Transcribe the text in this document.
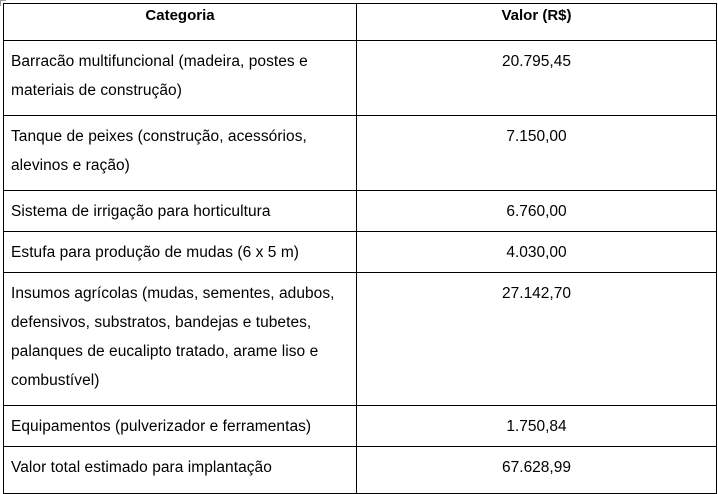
Categoria	Valor (R$)
Barracão multifuncional (madeira, postes e materiais de construção)	20.795,45
Tanque de peixes (construção, acessórios, alevinos e ração)	7.150,00
Sistema de irrigação para horticultura	6.760,00
Estufa para produção de mudas (6 x 5 m)	4.030,00
Insumos agrícolas (mudas, sementes, adubos, defensivos, substratos, bandejas e tubetes, palanques de eucalipto tratado, arame liso e combustível)	27.142,70
Equipamentos (pulverizador e ferramentas)	1.750,84
Valor total estimado para implantação	67.628,99
